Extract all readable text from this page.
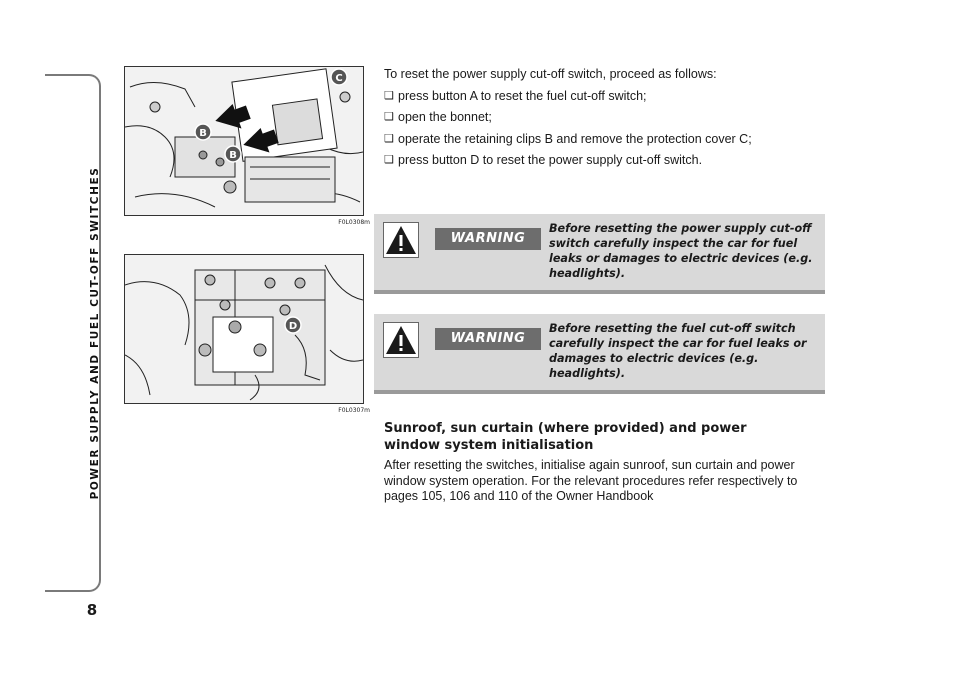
POWER SUPPLY AND FUEL CUT-OFF SWITCHES
8
B
B
C
F0L0308m
D
F0L0307m

To reset the power supply cut-off switch, proceed as follows:

❑ press button A to reset the fuel cut-off switch;
❑ open the bonnet;
❑ operate the retaining clips B and remove the protection cover C;
❑ press button D to reset the power supply cut-off switch.
WARNING
Before resetting the power supply cut-off switch carefully inspect the car for fuel leaks or damages to electric devices (e.g. headlights).
WARNING
Before resetting the fuel cut-off switch carefully inspect the car for fuel leaks or damages to electric devices (e.g. headlights).
Sunroof, sun curtain (where provided) and power window system initialisation

After resetting the switches, initialise again sunroof, sun curtain and power window system operation. For the relevant procedures refer respectively to pages 105, 106 and 110 of the Owner Handbook
